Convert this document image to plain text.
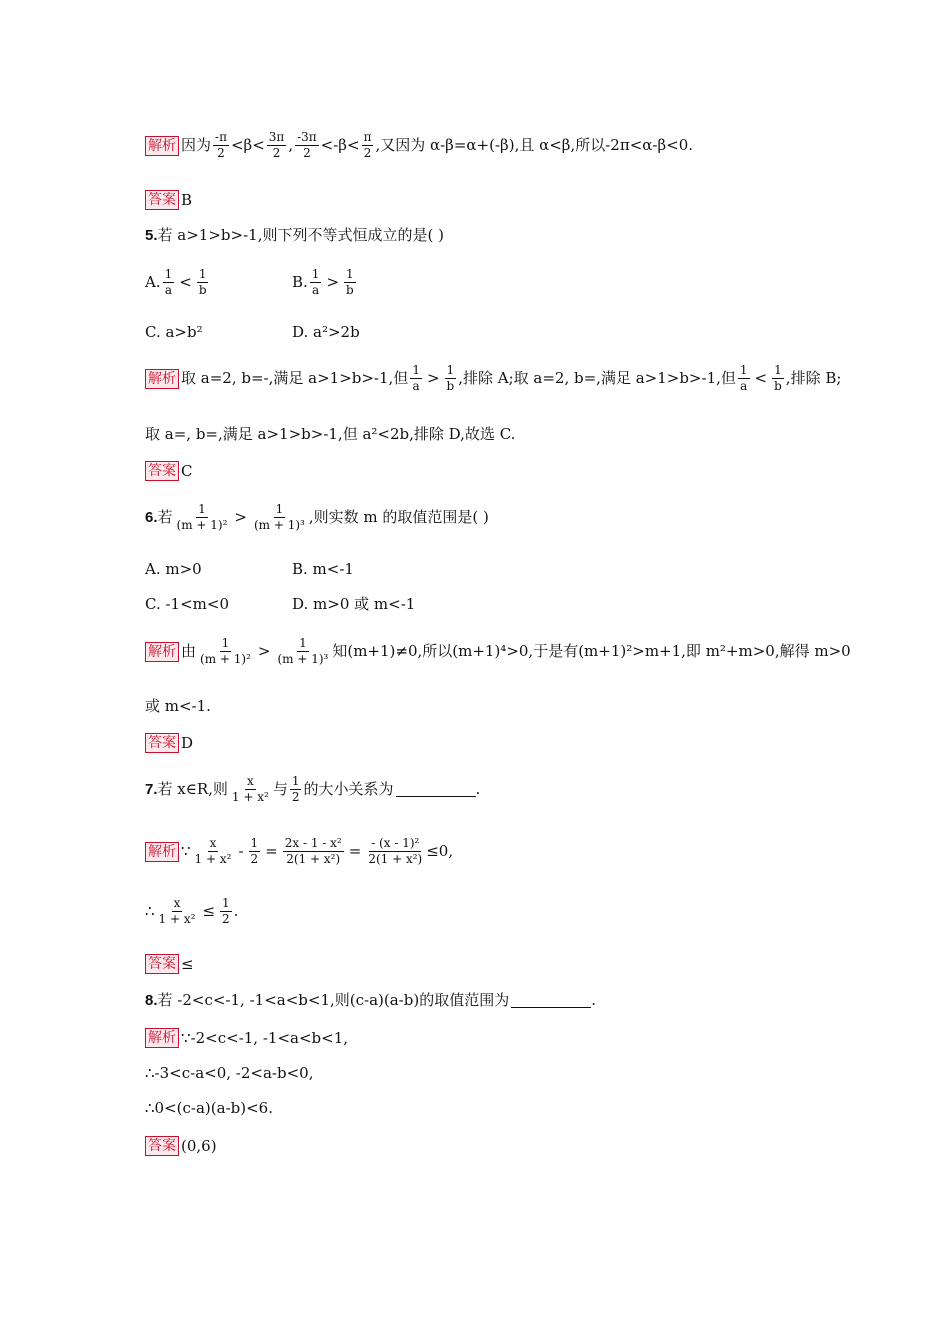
解析 因为 $\frac{-\pi}{2} <\beta< \frac{3\pi}{2}$ , $\frac{-3\pi}{2} <-\beta< \frac{\pi}{2}$ ,又因为 α-β=α+(-β),且 α<β,所以-2π<α-β<0.
答案 B
5. 若 a>1>b>-1,则下列不等式恒成立的是( )
A. $\frac{1}{a} < \frac{1}{b}$	B. $\frac{1}{a} > \frac{1}{b}$
C. a>b²	D. a²>2b
解析 取 a=2, b=-,满足 a>1>b>-1,但 $\frac{1}{a} > \frac{1}{b}$ ,排除 A;取 a=2, b=,满足 a>1>b>-1,但 $\frac{1}{a} < \frac{1}{b}$ ,排除 B;
取 a=, b=,满足 a>1>b>-1,但 a²<2b,排除 D,故选 C.
答案 C
6. 若 $\frac{1}{\text{(m + 1)²}} > \frac{1}{\text{(m + 1)³}}$ ,则实数 m 的取值范围是( )
A. m>0	B. m<-1
C. -1<m<0	D. m>0 或 m<-1
解析 由 $\frac{1}{\text{(m + 1)²}} > \frac{1}{\text{(m + 1)³}}$ 知(m+1)≠0,所以(m+1)⁴>0,于是有(m+1)²>m+1,即 m²+m>0,解得 m>0
或 m<-1.
答案 D
7. 若 x∈R,则 $\frac{x}{\text{1 + x²}}$ 与 $\frac{1}{2}$ 的大小关系为	.
解析 ∵ $\frac{x}{\text{1 + x²}} - \frac{1}{2} = \frac{\text{2x - 1 - x²}}{\text{2(1 + x²)}} = \frac{\text{- (x - 1)²}}{\text{2(1 + x²)}} \le 0$,
∴ $\frac{x}{\text{1 + x²}} \le \frac{1}{2}$ .
答案 ≤
8. 若 -2<c<-1, -1<a<b<1,则(c-a)(a-b)的取值范围为	.
解析 ∵-2<c<-1, -1<a<b<1,
∴-3<c-a<0, -2<a-b<0,
∴0<(c-a)(a-b)<6.
答案 (0,6)
